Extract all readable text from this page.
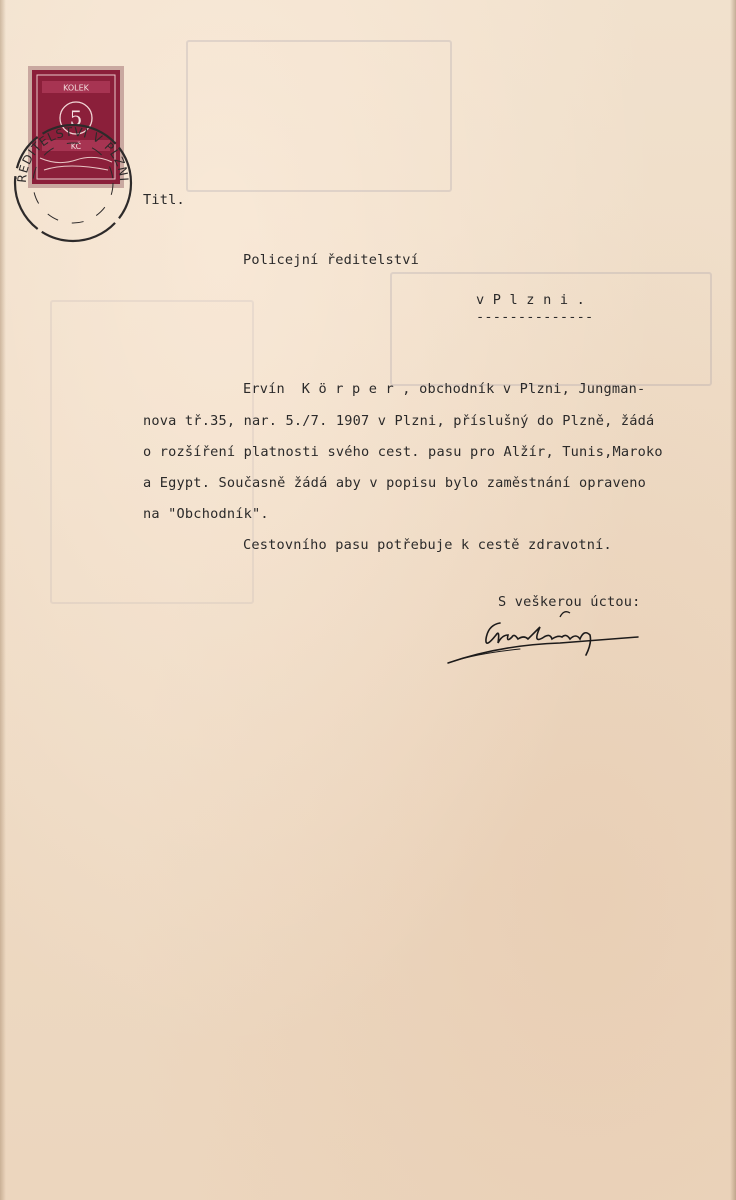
KOLEK
5
KČ
ŘEDITELSTVÍ V PLZNI

Titl.

Policejní ředitelství

v P l z n i .

--------------

Ervín  K ö r p e r , obchodník v Plzni, Jungman-

nova tř.35, nar. 5./7. 1907 v Plzni, příslušný do Plzně, žádá

o rozšíření platnosti svého cest. pasu pro Alžír, Tunis,Maroko

a Egypt. Současně žádá aby v popisu bylo zaměstnání opraveno

na "Obchodník".

Cestovního pasu potřebuje k cestě zdravotní.

S veškerou úctou:
